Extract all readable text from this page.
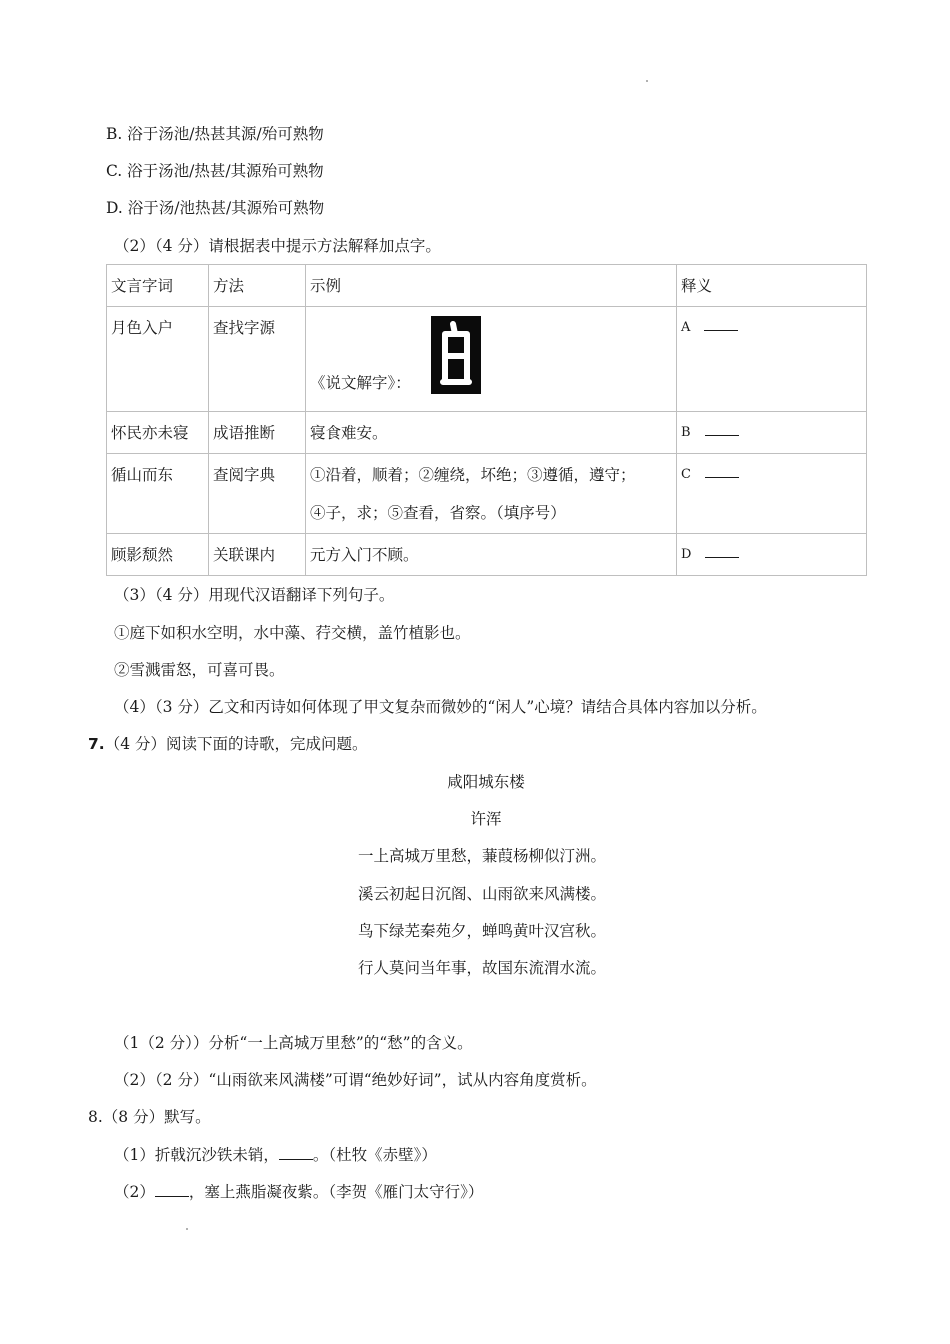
B. 浴于汤池/热甚其源/殆可熟物
C. 浴于汤池/热甚/其源殆可熟物
D. 浴于汤/池热甚/其源殆可熟物
（2）（4 分）请根据表中提示方法解释加点字。
文言字词	方法	示例	释义
月色入户	查找字源	《说文解字》：	A
怀民亦未寝	成语推断	寝食难安。	B
循山而东	查阅字典	①沿着，顺着；②缠绕，坏绝；③遵循，遵守；
④子，求；⑤查看，省察。（填序号）	C
顾影颓然	关联课内	元方入门不顾。	D
（3）（4 分）用现代汉语翻译下列句子。
①庭下如积水空明，水中藻、荇交横，盖竹植影也。
②雪溅雷怒，可喜可畏。
（4）（3 分）乙文和丙诗如何体现了甲文复杂而微妙的“闲人”心境？请结合具体内容加以分析。
7.（4 分）阅读下面的诗歌，完成问题。
咸阳城东楼
许浑
一上高城万里愁，蒹葭杨柳似汀洲。
溪云初起日沉阁、山雨欲来风满楼。
鸟下绿芜秦苑夕，蝉鸣黄叶汉宫秋。
行人莫问当年事，故国东流渭水流。
（1（2 分））分析“一上高城万里愁”的“愁”的含义。
（2）（2 分）“山雨欲来风满楼”可谓“绝妙好词”，试从内容角度赏析。
8.（8 分）默写。
（1）折戟沉沙铁未销， 。（杜牧《赤壁》）
（2） ，塞上燕脂凝夜紫。（李贺《雁门太守行》）
